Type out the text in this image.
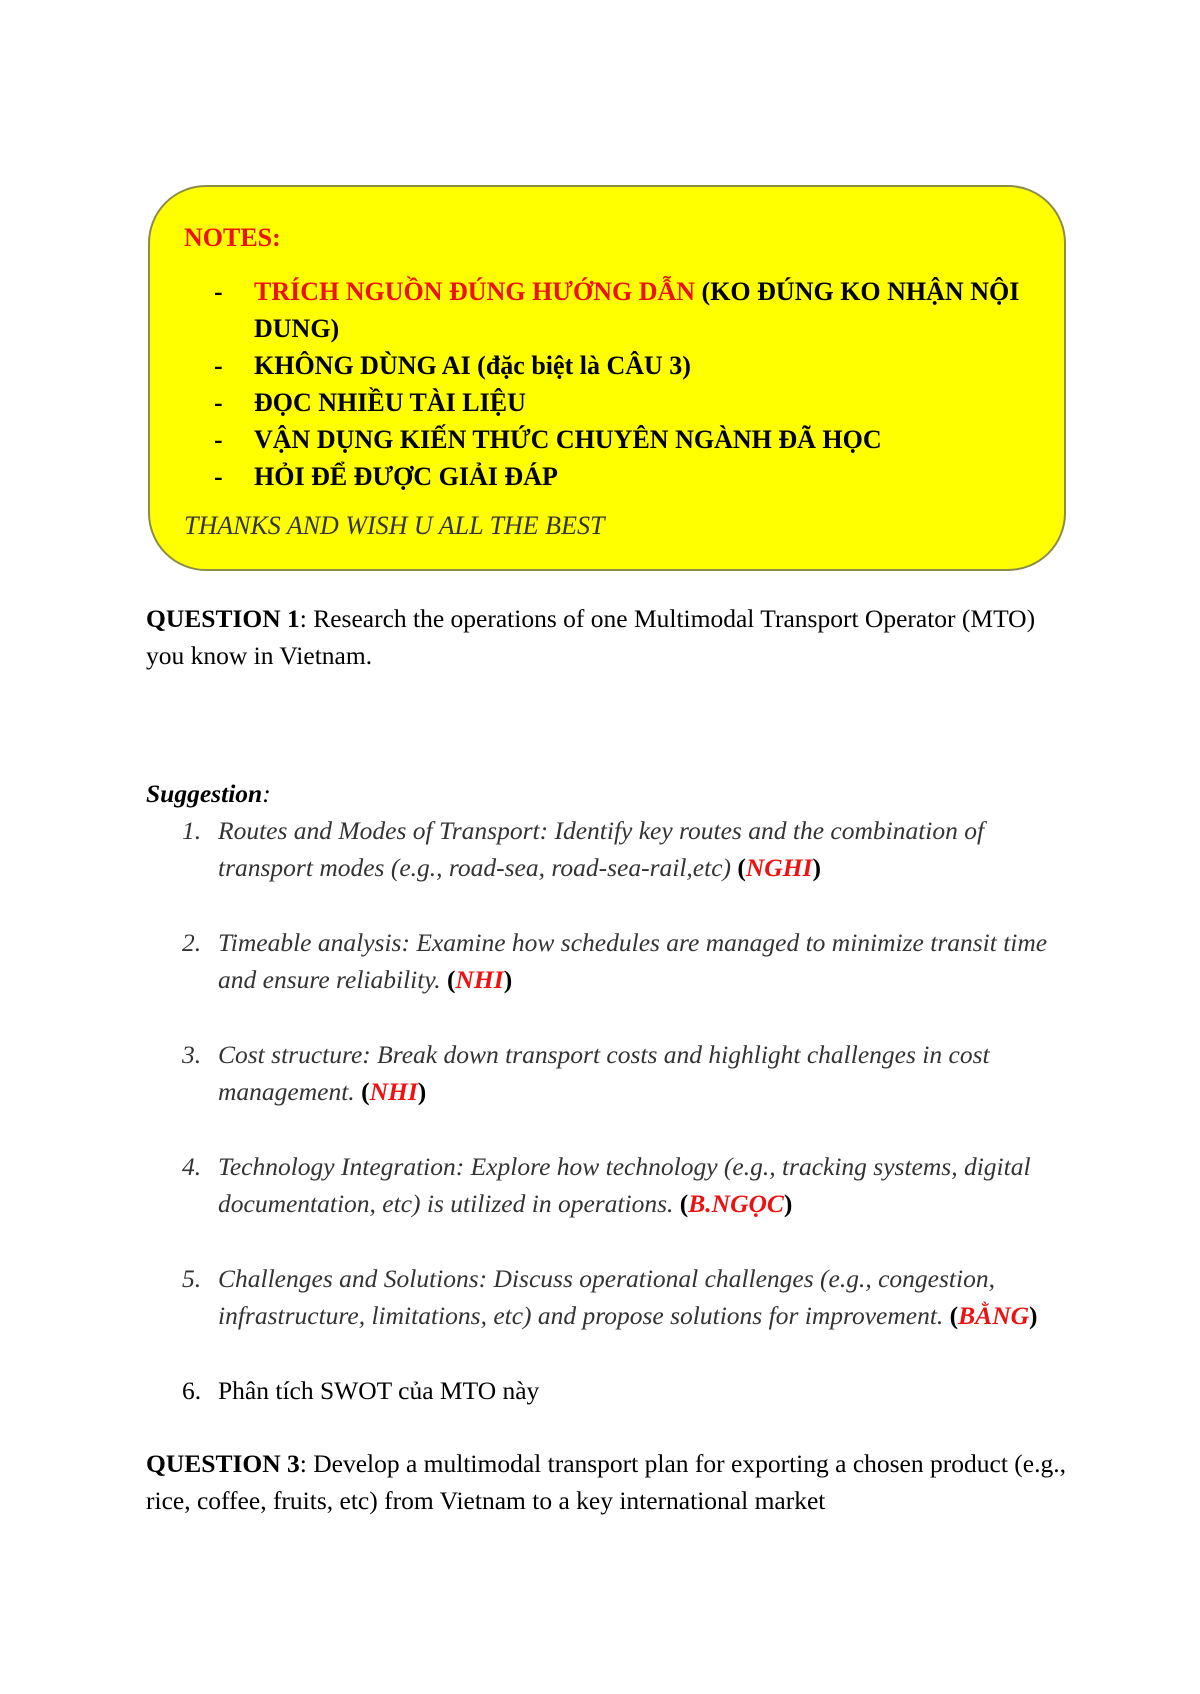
NOTES:
- TRÍCH NGUỒN ĐÚNG HƯỚNG DẪN (KO ĐÚNG KO NHẬN NỘI DUNG)
- KHÔNG DÙNG AI (đặc biệt là CÂU 3)
- ĐỌC NHIỀU TÀI LIỆU
- VẬN DỤNG KIẾN THỨC CHUYÊN NGÀNH ĐÃ HỌC
- HỎI ĐỂ ĐƯỢC GIẢI ĐÁP
THANKS AND WISH U ALL THE BEST

QUESTION 1: Research the operations of one Multimodal Transport Operator (MTO) you know in Vietnam.

Suggestion:

1. Routes and Modes of Transport: Identify key routes and the combination of transport modes (e.g., road-sea, road-sea-rail,etc) (NGHI)
2. Timeable analysis: Examine how schedules are managed to minimize transit time and ensure reliability. (NHI)
3. Cost structure: Break down transport costs and highlight challenges in cost management. (NHI)
4. Technology Integration: Explore how technology (e.g., tracking systems, digital documentation, etc) is utilized in operations. (B.NGỌC)
5. Challenges and Solutions: Discuss operational challenges (e.g., congestion, infrastructure, limitations, etc) and propose solutions for improvement. (BẰNG)
6. Phân tích SWOT của MTO này

QUESTION 3: Develop a multimodal transport plan for exporting a chosen product (e.g., rice, coffee, fruits, etc) from Vietnam to a key international market
